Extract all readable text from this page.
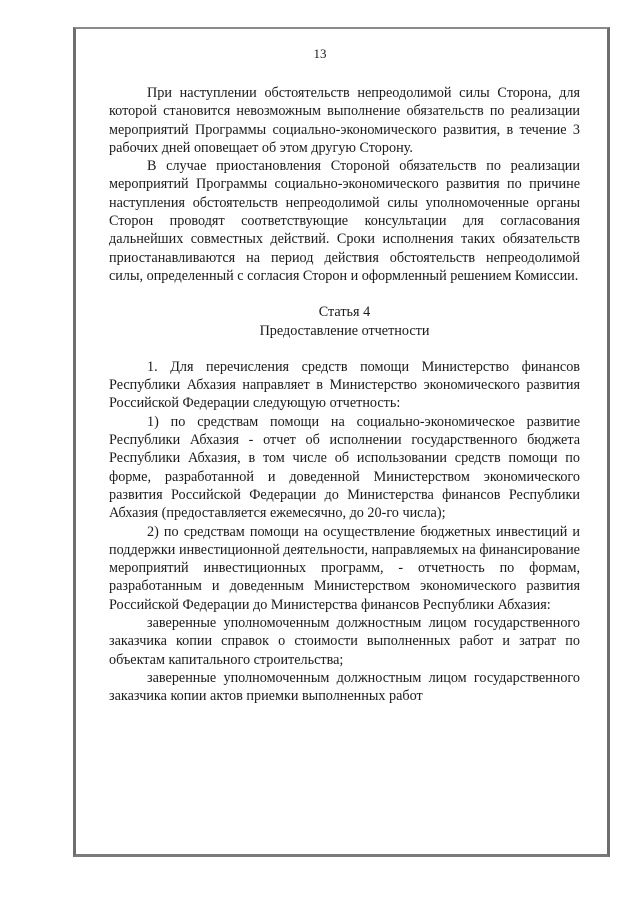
13

При наступлении обстоятельств непреодолимой силы Сторона, для которой становится невозможным выполнение обязательств по реализации мероприятий Программы социально-экономического развития, в течение 3 рабочих дней оповещает об этом другую Сторону.

В случае приостановления Стороной обязательств по реализации мероприятий Программы социально-экономического развития по причине наступления обстоятельств непреодолимой силы уполномоченные органы Сторон проводят соответствующие консультации для согласования дальнейших совместных действий. Сроки исполнения таких обязательств приостанавливаются на период действия обстоятельств непреодолимой силы, определенный с согласия Сторон и оформленный решением Комиссии.

Статья 4

Предоставление отчетности

1. Для перечисления средств помощи Министерство финансов Республики Абхазия направляет в Министерство экономического развития Российской Федерации следующую отчетность:

1) по средствам помощи на социально-экономическое развитие Республики Абхазия - отчет об исполнении государственного бюджета Республики Абхазия, в том числе об использовании средств помощи по форме, разработанной и доведенной Министерством экономического развития Российской Федерации до Министерства финансов Республики Абхазия (предоставляется ежемесячно, до 20-го числа);

2) по средствам помощи на осуществление бюджетных инвестиций и поддержки инвестиционной деятельности, направляемых на финансирование мероприятий инвестиционных программ, - отчетность по формам, разработанным и доведенным Министерством экономического развития Российской Федерации до Министерства финансов Республики Абхазия:

заверенные уполномоченным должностным лицом государственного заказчика копии справок о стоимости выполненных работ и затрат по объектам капитального строительства;

заверенные уполномоченным должностным лицом государственного заказчика копии актов приемки выполненных работ
